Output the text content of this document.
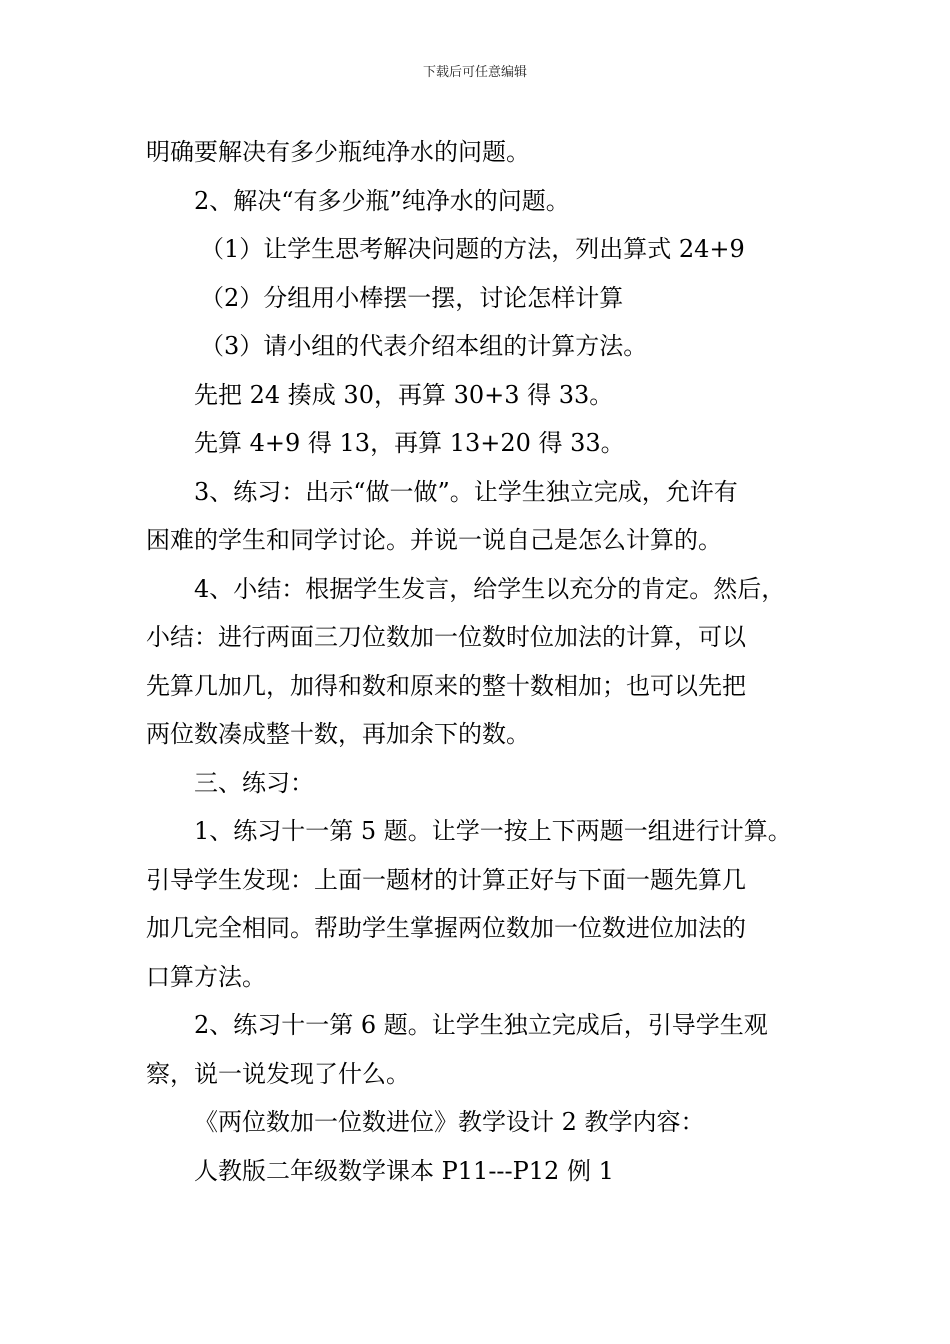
下载后可任意编辑
明确要解决有多少瓶纯净水的问题。
2、解决“有多少瓶”纯净水的问题。
（1）让学生思考解决问题的方法，列出算式 24+9
（2）分组用小棒摆一摆，讨论怎样计算
（3）请小组的代表介绍本组的计算方法。
先把 24 揍成 30，再算 30+3 得 33。
先算 4+9 得 13，再算 13+20 得 33。
3、练习：出示“做一做”。让学生独立完成，允许有
困难的学生和同学讨论。并说一说自己是怎么计算的。
4、小结：根据学生发言，给学生以充分的肯定。然后，
小结：进行两面三刀位数加一位数时位加法的计算，可以
先算几加几，加得和数和原来的整十数相加；也可以先把
两位数凑成整十数，再加余下的数。
三、练习：
1、练习十一第 5 题。让学一按上下两题一组进行计算。
引导学生发现：上面一题材的计算正好与下面一题先算几
加几完全相同。帮助学生掌握两位数加一位数进位加法的
口算方法。
2、练习十一第 6 题。让学生独立完成后，引导学生观
察，说一说发现了什么。
《两位数加一位数进位》教学设计 2 教学内容：
人教版二年级数学课本 P11---P12 例 1
